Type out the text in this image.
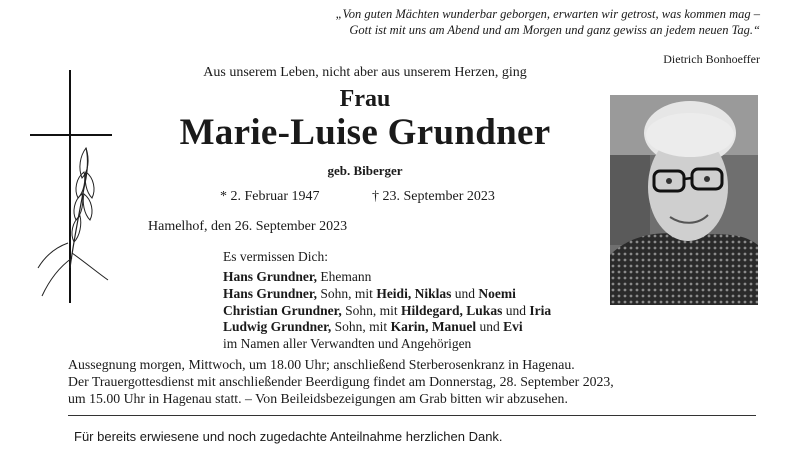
„Von guten Mächten wunderbar geborgen, erwarten wir getrost, was kommen mag –
Gott ist mit uns am Abend und am Morgen und ganz gewiss an jedem neuen Tag.“
Dietrich Bonhoeffer
Aus unserem Leben, nicht aber aus unserem Herzen, ging
Frau
Marie-Luise Grundner
geb. Biberger
* 2. Februar 1947	† 23. September 2023
Hamelhof, den 26. September 2023
Es vermissen Dich:
Hans Grundner, Ehemann
Hans Grundner, Sohn, mit Heidi, Niklas und Noemi
Christian Grundner, Sohn, mit Hildegard, Lukas und Iria
Ludwig Grundner, Sohn, mit Karin, Manuel und Evi
im Namen aller Verwandten und Angehörigen
Aussegnung morgen, Mittwoch, um 18.00 Uhr; anschließend Sterberosenkranz in Hagenau.
Der Trauergottesdienst mit anschließender Beerdigung findet am Donnerstag, 28. September 2023,
um 15.00 Uhr in Hagenau statt. – Von Beileidsbezeigungen am Grab bitten wir abzusehen.
Für bereits erwiesene und noch zugedachte Anteilnahme herzlichen Dank.
